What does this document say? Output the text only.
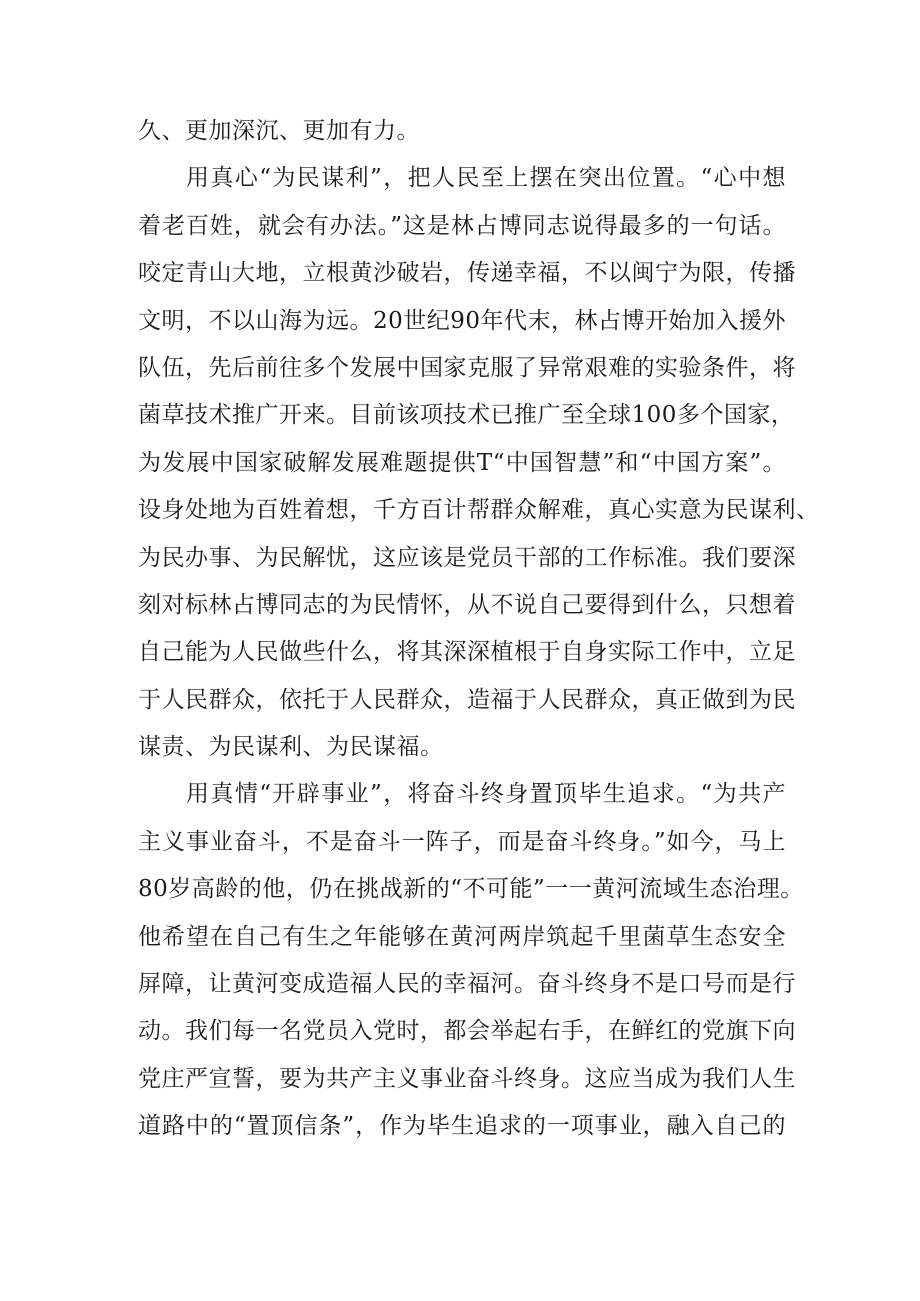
久、更加深沉、更加有力。
用真心“为民谋利”，把人民至上摆在突出位置。“心中想
着老百姓，就会有办法。”这是林占博同志说得最多的一句话。
咬定青山大地，立根黄沙破岩，传递幸福，不以闽宁为限，传播
文明，不以山海为远。20世纪90年代末，林占博开始加入援外
队伍，先后前往多个发展中国家克服了异常艰难的实验条件，将
菌草技术推广开来。目前该项技术已推广至全球100多个国家，
为发展中国家破解发展难题提供T“中国智慧”和“中国方案”。
设身处地为百姓着想，千方百计帮群众解难，真心实意为民谋利、
为民办事、为民解忧，这应该是党员干部的工作标准。我们要深
刻对标林占博同志的为民情怀，从不说自己要得到什么，只想着
自己能为人民做些什么，将其深深植根于自身实际工作中，立足
于人民群众，依托于人民群众，造福于人民群众，真正做到为民
谋责、为民谋利、为民谋福。
用真情“开辟事业”，将奋斗终身置顶毕生追求。“为共产
主义事业奋斗，不是奋斗一阵子，而是奋斗终身。”如今，马上
80岁高龄的他，仍在挑战新的“不可能”一一黄河流域生态治理。
他希望在自己有生之年能够在黄河两岸筑起千里菌草生态安全
屏障，让黄河变成造福人民的幸福河。奋斗终身不是口号而是行
动。我们每一名党员入党时，都会举起右手，在鲜红的党旗下向
党庄严宣誓，要为共产主义事业奋斗终身。这应当成为我们人生
道路中的“置顶信条”，作为毕生追求的一项事业，融入自己的
